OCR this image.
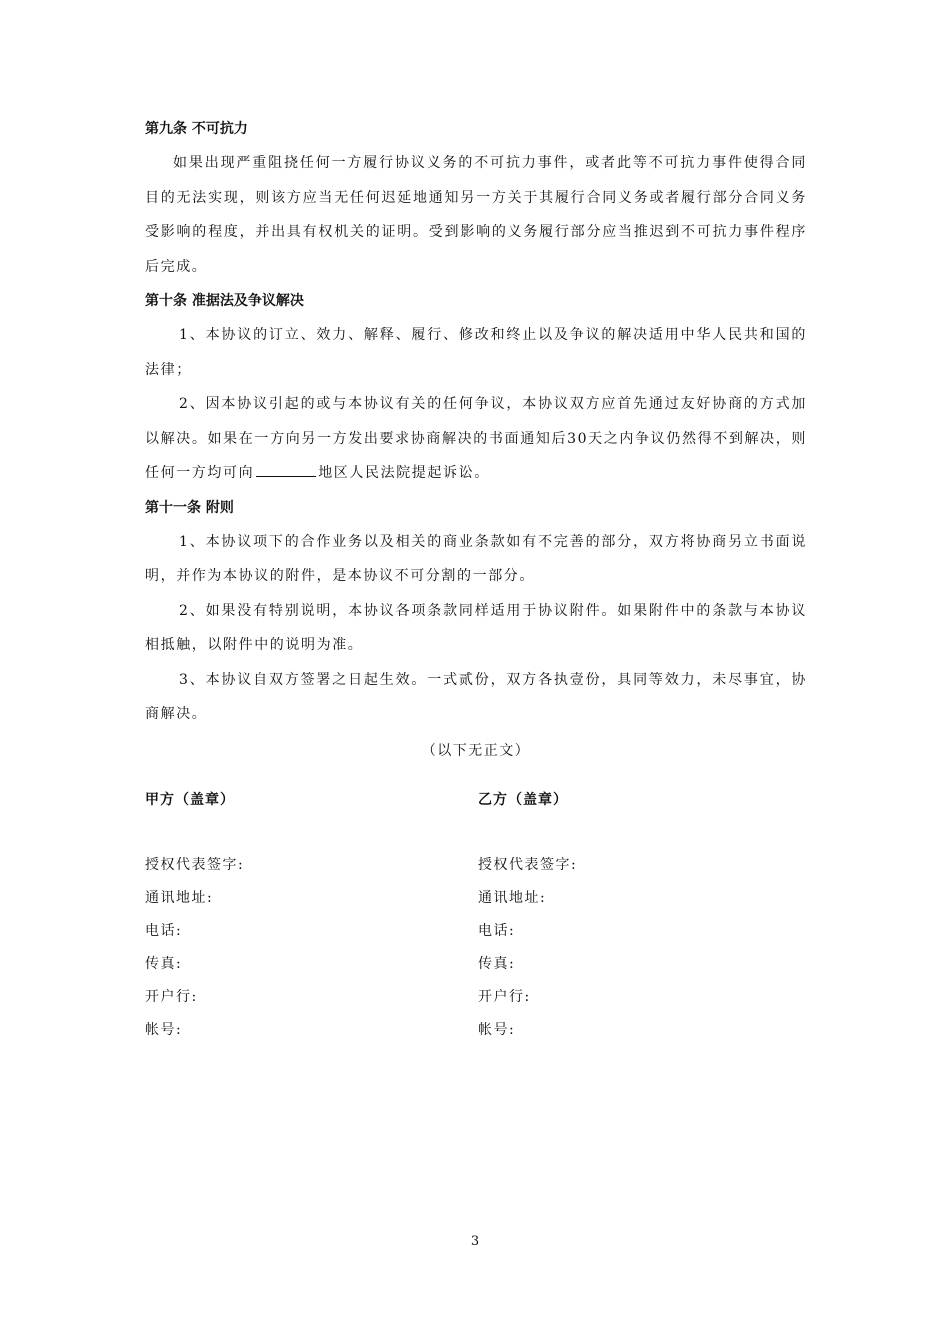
第九条 不可抗力
如果出现严重阻挠任何一方履行协议义务的不可抗力事件，或者此等不可抗力事件使得合同目的无法实现，则该方应当无任何迟延地通知另一方关于其履行合同义务或者履行部分合同义务受影响的程度，并出具有权机关的证明。受到影响的义务履行部分应当推迟到不可抗力事件程序后完成。
第十条 准据法及争议解决
1、本协议的订立、效力、解释、履行、修改和终止以及争议的解决适用中华人民共和国的法律；
2、因本协议引起的或与本协议有关的任何争议，本协议双方应首先通过友好协商的方式加以解决。如果在一方向另一方发出要求协商解决的书面通知后30天之内争议仍然得不到解决，则任何一方均可向	地区人民法院提起诉讼。
第十一条 附则
1、本协议项下的合作业务以及相关的商业条款如有不完善的部分，双方将协商另立书面说明，并作为本协议的附件，是本协议不可分割的一部分。
2、如果没有特别说明，本协议各项条款同样适用于协议附件。如果附件中的条款与本协议相抵触，以附件中的说明为准。
3、本协议自双方签署之日起生效。一式贰份，双方各执壹份，具同等效力，未尽事宜，协商解决。
（以下无正文）
甲方（盖章）
授权代表签字:
通讯地址:
电话:
传真:
开户行:
帐号:
乙方（盖章）
授权代表签字:
通讯地址:
电话:
传真:
开户行:
帐号:
3
